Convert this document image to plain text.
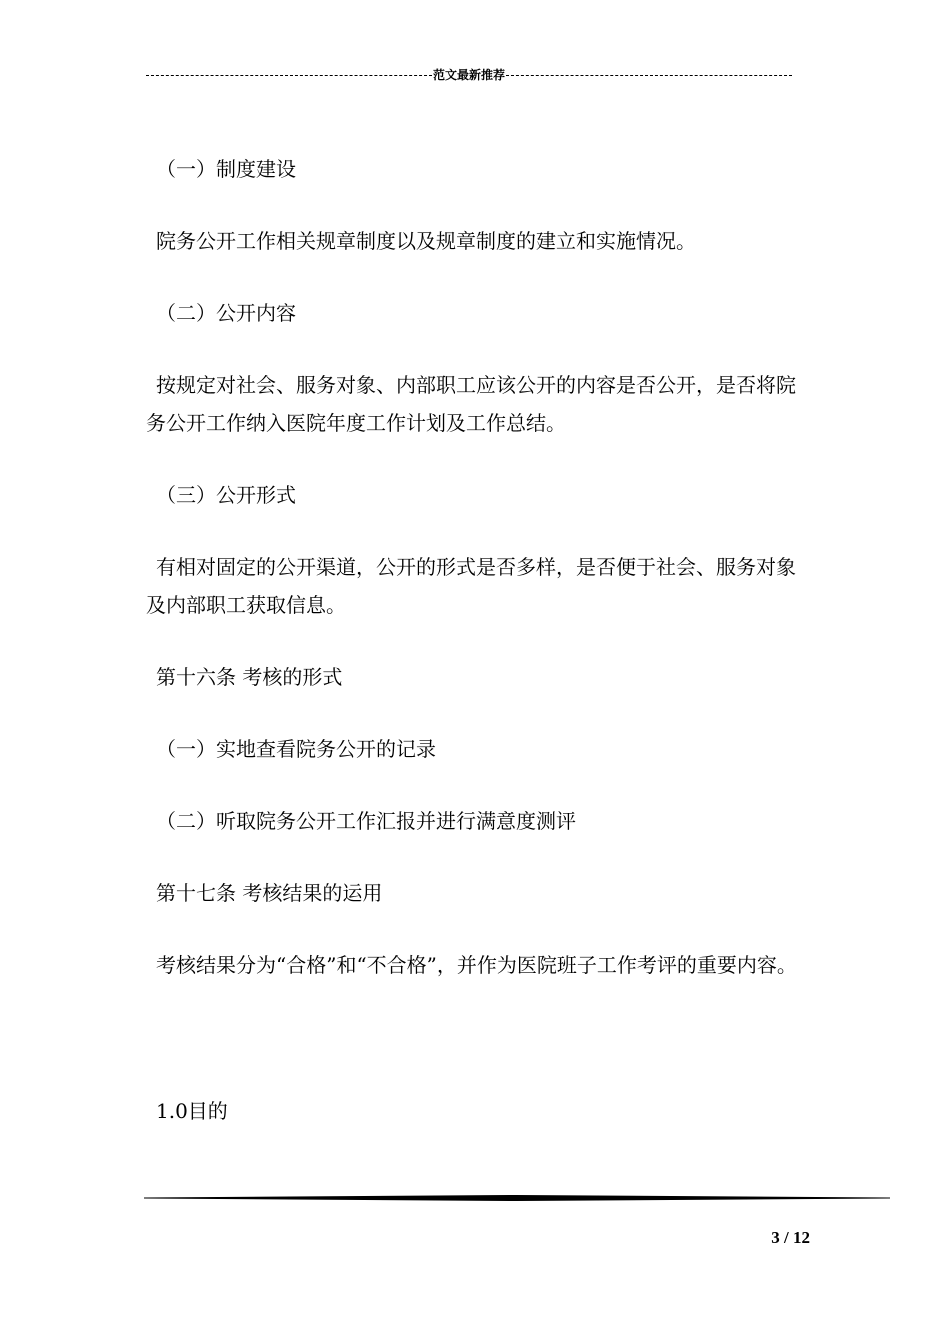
范文最新推荐

（一）制度建设

院务公开工作相关规章制度以及规章制度的建立和实施情况。

（二）公开内容

按规定对社会、服务对象、内部职工应该公开的内容是否公开，是否将院务公开工作纳入医院年度工作计划及工作总结。

（三）公开形式

有相对固定的公开渠道，公开的形式是否多样，是否便于社会、服务对象及内部职工获取信息。

第十六条 考核的形式

（一）实地查看院务公开的记录

（二）听取院务公开工作汇报并进行满意度测评

第十七条 考核结果的运用

考核结果分为“合格”和“不合格”，并作为医院班子工作考评的重要内容。

1.0目的

3 / 12
